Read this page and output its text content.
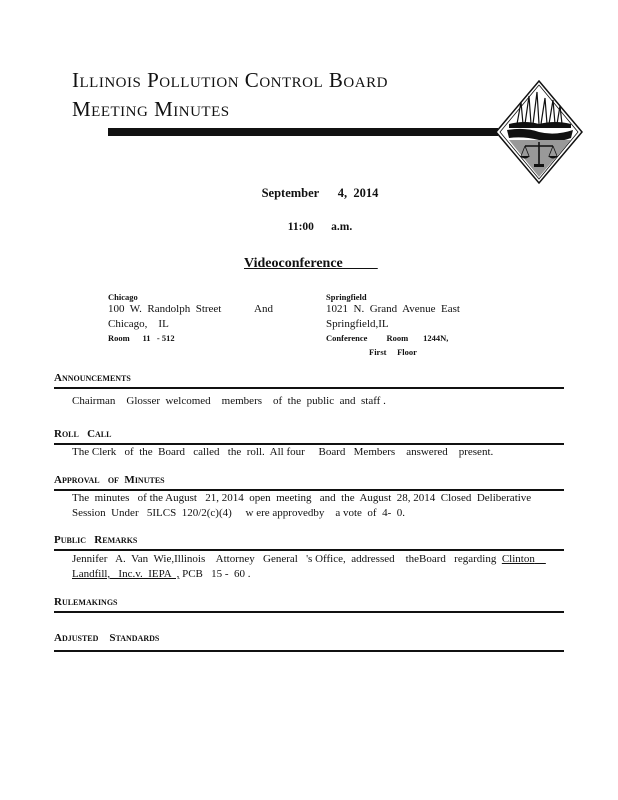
Illinois Pollution Control Board
Meeting Minutes
September      4,  2014
11:00      a.m.
Videoconference
Chicago
100  W.  Randolph  Street
Chicago,    IL
Room      11   - 512
And
Springfield
1021  N.  Grand  Avenue  East
Springfield,IL
Conference         Room       1244N,
First     Floor
Announcements
Chairman    Glosser  welcomed    members    of  the  public  and  staff .
Roll   Call
The Clerk   of  the  Board   called   the  roll.  All four     Board   Members    answered    present.
Approval   of  Minutes
The  minutes   of the August   21, 2014  open  meeting   and  the  August  28, 2014  Closed  Deliberative Session  Under   5ILCS  120/2(c)(4)     w ere approvedby    a vote  of  4-  0.
Public   Remarks
Jennifer   A.  Van  Wie,Illinois    Attorney   General   's Office,  addressed    theBoard   regarding  Clinton    Landfill,   Inc.v.  IEPA  , PCB   15 -  60 .
Rulemakings
Adjusted    Standards
